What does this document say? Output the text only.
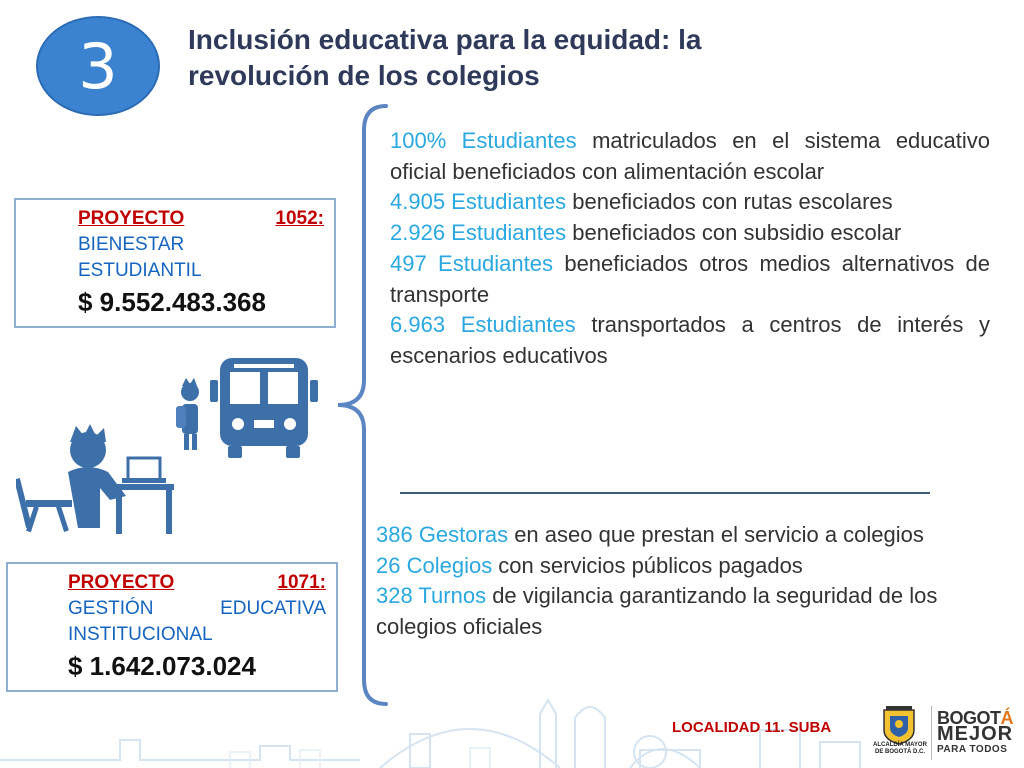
3	Inclusión educativa para la equidad: la
revolución de los colegios
PROYECTO	1052:
BIENESTAR
ESTUDIANTIL
$ 9.552.483.368
PROYECTO	1071:
GESTIÓN	EDUCATIVA
INSTITUCIONAL
$ 1.642.073.024

100% Estudiantes matriculados en el sistema educativo oficial beneficiados con alimentación escolar

4.905 Estudiantes beneficiados con rutas escolares

2.926 Estudiantes beneficiados con subsidio escolar

497 Estudiantes beneficiados otros medios alternativos de transporte

6.963 Estudiantes transportados a centros de interés y escenarios educativos

386 Gestoras en aseo que prestan el servicio a colegios

26 Colegios con servicios públicos pagados

328 Turnos de vigilancia garantizando la seguridad de los colegios oficiales

LOCALIDAD 11. SUBA
ALCALDÍA MAYOR
DE BOGOTÁ D.C.
BOGOTÁ
MEJOR
PARA TODOS
